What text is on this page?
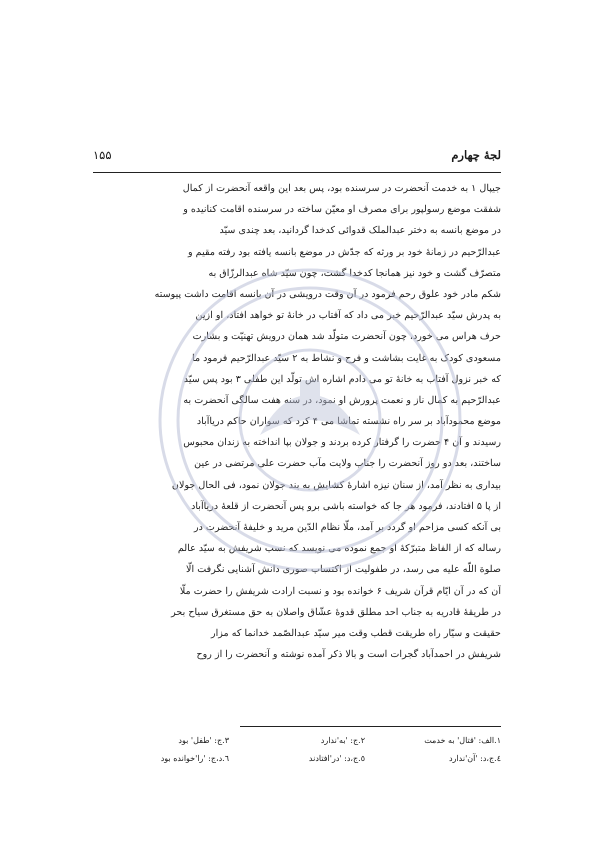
لجۀ چهارم
۱۵۵
جیپال ۱ به خدمت آنحضرت در سرسنده بود، پس بعد این واقعه آنحضرت از کمال
شفقت موضع رسولپور برای مصرف او معیّن ساخته در سرسنده اقامت کنانیده و
در موضع بانسه به دختر عبدالملک قدوائی کدخدا گردانید، بعد چندی سیّد
عبدالرّحیم در زمانۀ خود بر ورثه که جدّش در موضع بانسه یافته بود رفته مقیم و
متصرّف گشت و خود نیز همانجا کدخدا گشت، چون سیّد شاه عبدالرزّاق به
شکم مادر خود علوق رحم فرمود در آن وقت درویشی در آن بانسه اقامت داشت پیوسته
به پدرش سیّد عبدالرّحیم خبر می داد که آفتاب در خانۀ تو خواهد افتاد، او ازین
حرف هراس می خورد، چون آنحضرت متولّد شد همان درویش تهنیّت و بشارت
مسعودی کودک به غایت بشاشت و فرح و نشاط به ۲ سیّد عبدالرّحیم فرمود ما
که خبر نزول آفتاب به خانۀ تو می دادم اشاره اش تولّد این طفلی ۳ بود پس سیّد
عبدالرّحیم به کمال ناز و نعمت پرورش او نمود، در سنه هفت سالگی آنحضرت به
موضع محمودآباد بر سر راه نشسته تماشا می ۴ کرد که سواران حاکم دریاآباد
رسیدند و آن ۴ حضرت را گرفتار کرده بردند و جولان بپا انداخته به زندان محبوس
ساختند، بعد دو روز آنحضرت را جناب ولایت مآب حضرت علی مرتضی در عین
بیداری به نظر آمد، از سنان نیزه اشارۀ کشایش به بند جولان نمود، فی الحال جولان
از پا ۵ افتادند، فرمود هر جا که خواسته باشی برو پس آنحضرت از قلعۀ دریاآباد
بی آنکه کسی مزاحم او گردد بر آمد، ملّا نظام الدّین مرید و خلیفۀ آنحضرت در
رساله که از الفاظ متبرّکۀ او جمع نموده می نویسد که نسب شریفش به سیّد عالم
صلوة اللّه علیه می رسد، در طفولیت از اکتساب صوری دانش آشنایی نگرفت الّا
آن که در آن ایّام قرآن شریف ۶ خوانده بود و نسبت ارادت شریفش را حضرت ملّا
در طریقۀ قادریه به جناب احد مطلق قدوۀ عشّاق واصلان به حق مستغرق سیاح بحر
حقیقت و سیّار راه طریقت قطب وقت میر سیّد عبدالصّمد خدانما که مزار
شریفش در احمدآباد گجرات است و بالا ذکر آمده نوشته و آنحضرت را از روح
۱.الف: 'قتال' به خدمت
۲.ج: 'به'ندارد
۳.ج: 'طفل' بود
٤.ج،د: 'آن'ندارد
٥.ج،د: 'در'افتادند
٦.د،ج: 'را'خوانده بود
